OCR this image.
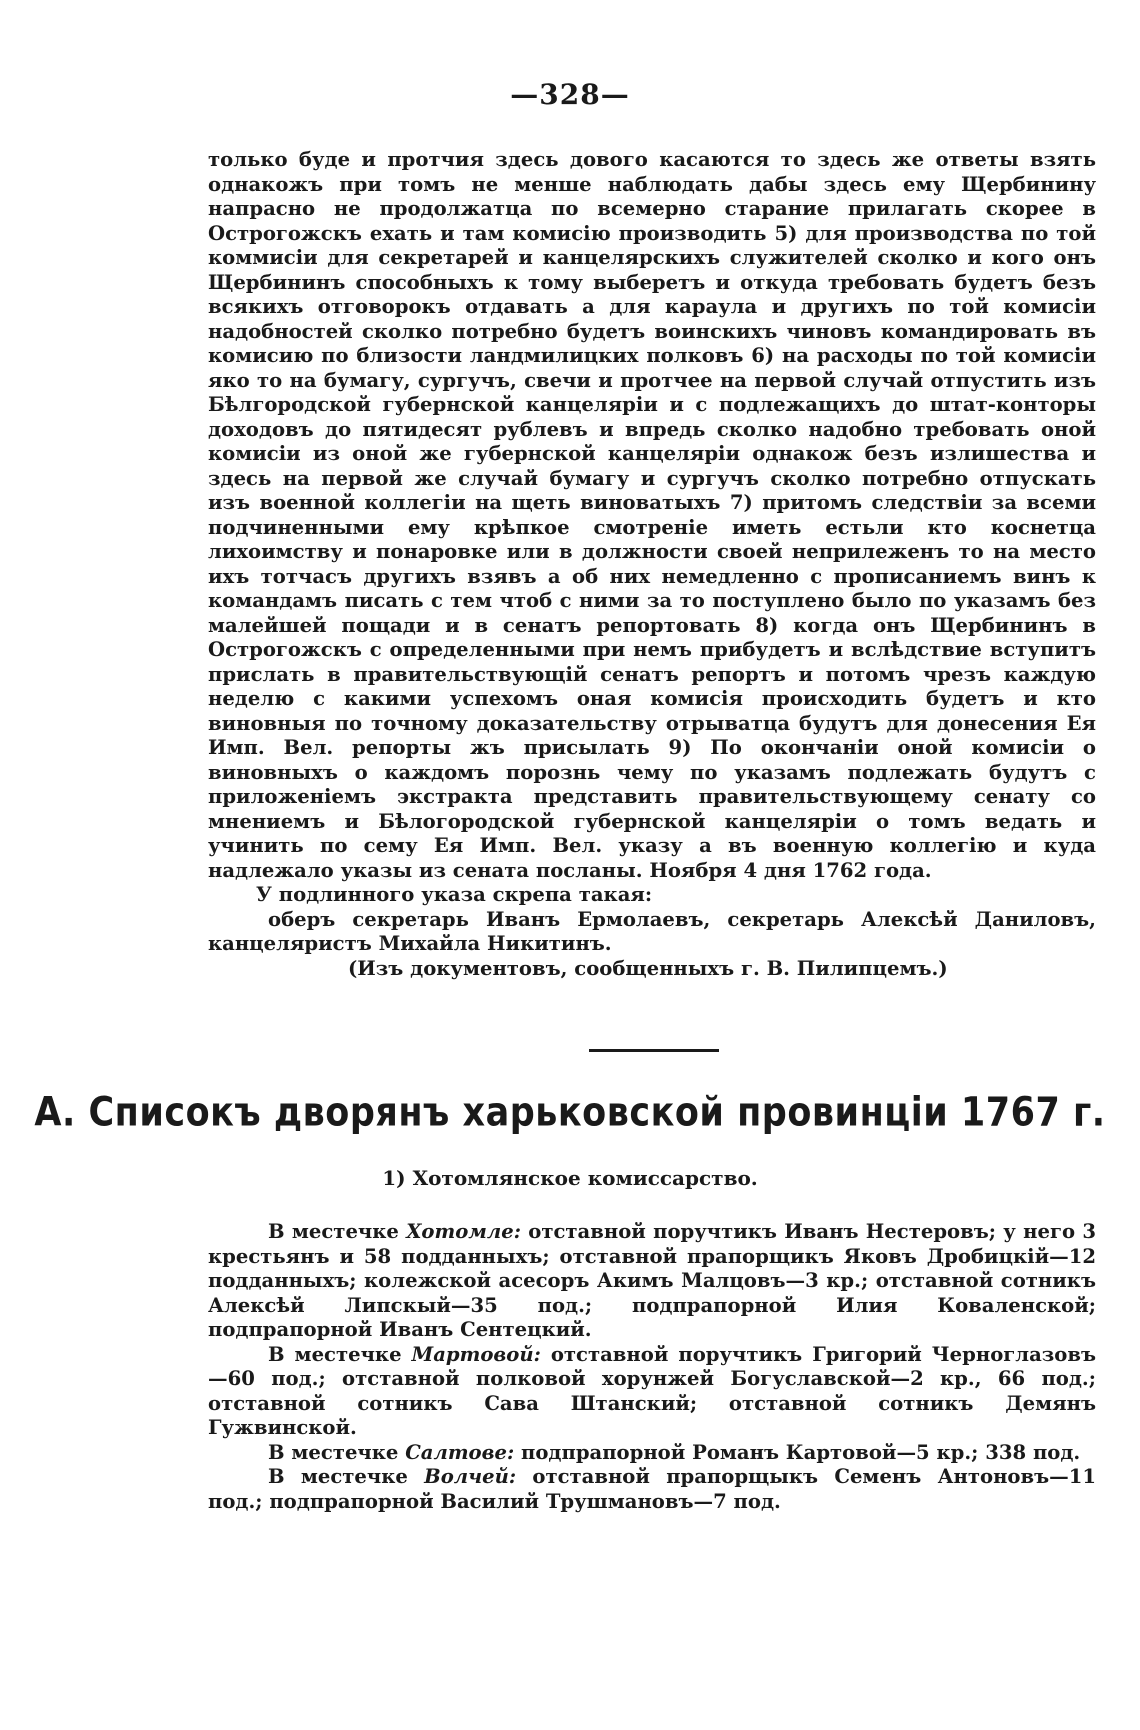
—328—

только буде и протчия здесь дового касаются то здесь же ответы взять однакожъ при томъ не менше наблюдать дабы здесь ему Щербинину напрасно не продолжатца по всемерно старание прилагать скорее в Острогожскъ ехать и там комисію производить 5) для производства по той коммисіи для секретарей и канцелярскихъ служителей сколко и кого онъ Щербининъ способныхъ к тому выберетъ и откуда требовать будетъ безъ всякихъ отговорокъ отдавать а для караула и другихъ по той комисіи надобностей сколко потребно будетъ воинскихъ чиновъ командировать въ комисию по близости ландмилицких полковъ 6) на расходы по той комисіи яко то на бумагу, сургучъ, свечи и протчее на первой случай отпустить изъ Бѣлгородской губернской канцеляріи и с подлежащихъ до штат-конторы доходовъ до пятидесят рублевъ и впредь сколко надобно требовать оной комисіи из оной же губернской канцеляріи однакож безъ излишества и здесь на первой же случай бумагу и сургучъ сколко потребно отпускать изъ военной коллегіи на щеть виноватыхъ 7) притомъ следствіи за всеми подчиненными ему крѣпкое смотреніе иметь естьли кто коснетца лихоимству и понаровке или в должности своей неприлеженъ то на место ихъ тотчасъ другихъ взявъ а об них немедленно с прописаниемъ винъ к командамъ писать с тем чтоб с ними за то поступлено было по указамъ без малейшей пощади и в сенатъ репортовать 8) когда онъ Щербининъ в Острогожскъ с определенными при немъ прибудетъ и вслѣдствие вступитъ прислать в правительствующій сенатъ репортъ и потомъ чрезъ каждую неделю с какими успехомъ оная комисія происходить будетъ и кто виновныя по точному доказательству отрыватца будутъ для донесения Ея Имп. Вел. репорты жъ присылать 9) По окончаніи оной комисіи о виновныхъ о каждомъ порознь чему по указамъ подлежать будутъ с приложеніемъ экстракта представить правительствующему сенату со мнениемъ и Бѣлогородской губернской канцеляріи о томъ ведать и учинить по сему Ея Имп. Вел. указу а въ военную коллегію и куда надлежало указы из сената посланы. Ноября 4 дня 1762 года.

У подлинного указа скрепа такая:

оберъ секретарь Иванъ Ермолаевъ, секретарь Алексѣй Даниловъ, канцеляристъ Михайла Никитинъ.

(Изъ документовъ, сообщенныхъ г. В. Пилипцемъ.)

А. Списокъ дворянъ харьковской провинціи 1767 г.
1) Хотомлянское комиссарство.

В местечке Хотомле: отставной поручтикъ Иванъ Нестеровъ; у него 3 крестьянъ и 58 подданныхъ; отставной прапорщикъ Яковъ Дробицкій—12 подданныхъ; колежской асесоръ Акимъ Малцовъ—3 кр.; отставной сотникъ Алексѣй Липскый—35 под.; подпрапорной Илия Коваленской; подпрапорной Иванъ Сентецкий.

В местечке Мартовой: отставной поручтикъ Григорий Черноглазовъ—60 под.; отставной полковой хорунжей Богуславской—2 кр., 66 под.; отставной сотникъ Сава Штанский; отставной сотникъ Демянъ Гужвинской.

В местечке Салтове: подпрапорной Романъ Картовой—5 кр.; 338 под.

В местечке Волчей: отставной прапорщыкъ Семенъ Антоновъ—11 под.; подпрапорной Василий Трушмановъ—7 под.
